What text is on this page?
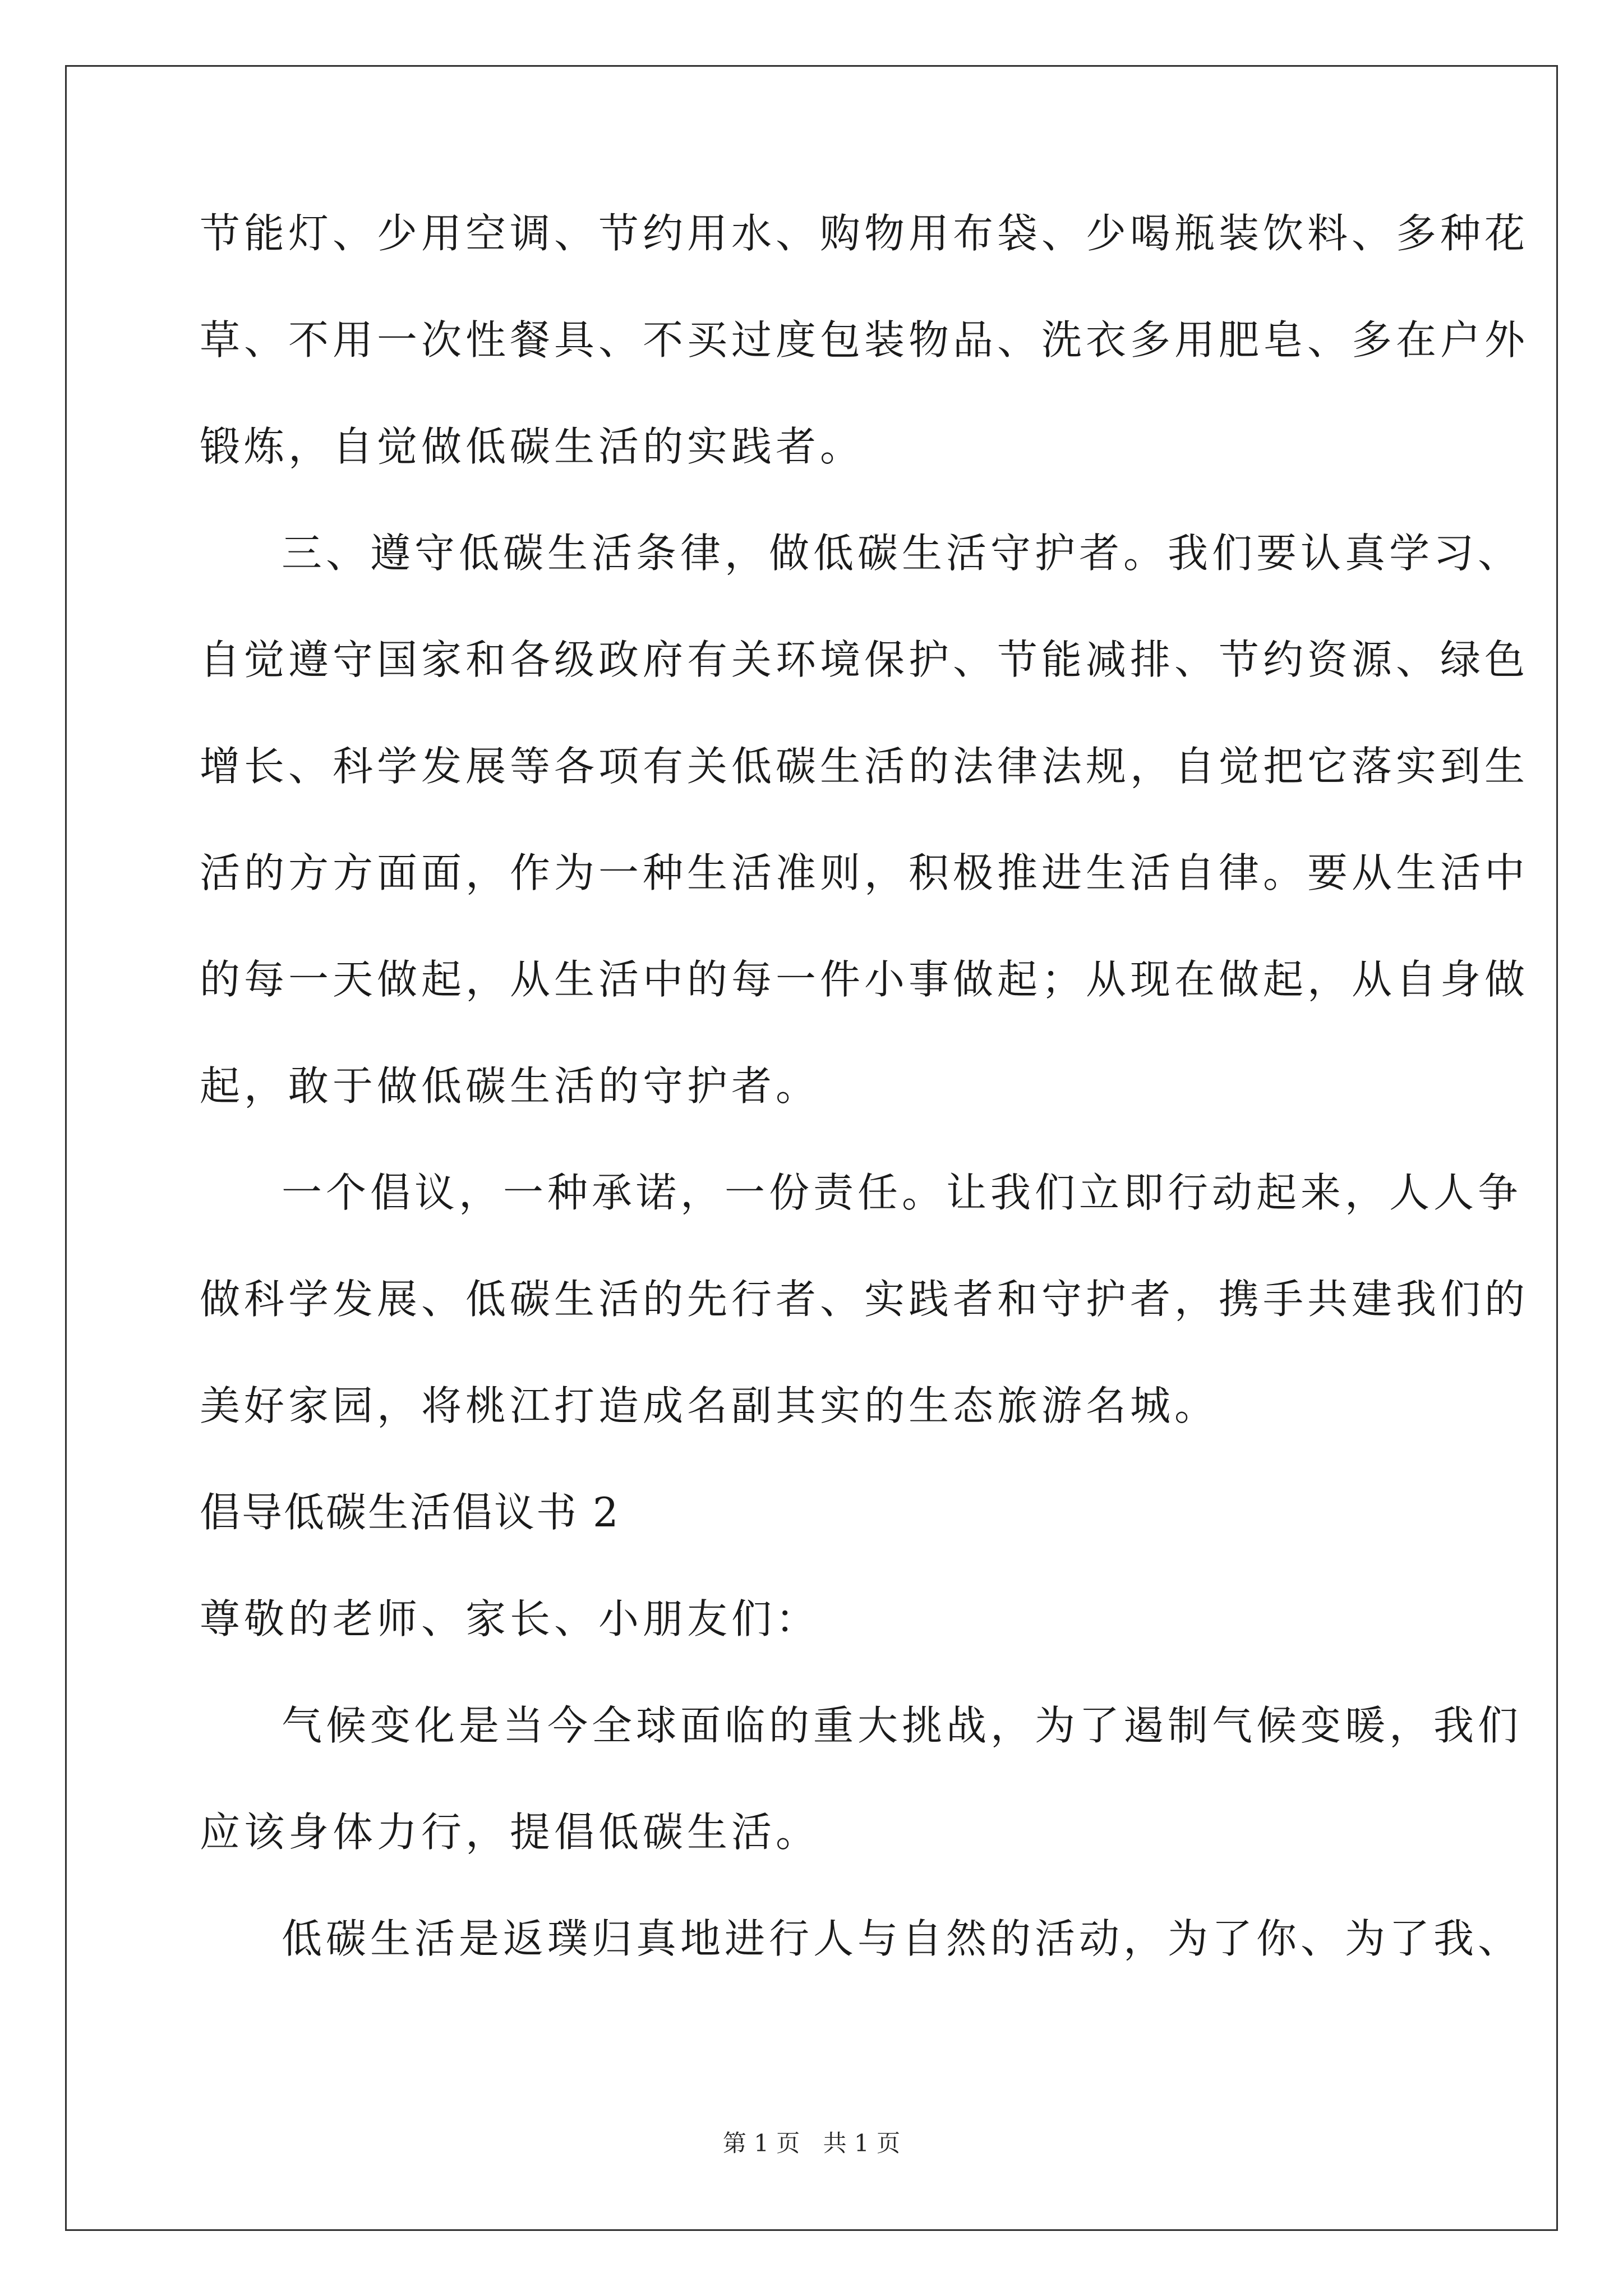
节能灯、少用空调、节约用水、购物用布袋、少喝瓶装饮料、多种花
草、不用一次性餐具、不买过度包装物品、洗衣多用肥皂、多在户外
锻炼，自觉做低碳生活的实践者。
三、遵守低碳生活条律，做低碳生活守护者。我们要认真学习、
自觉遵守国家和各级政府有关环境保护、节能减排、节约资源、绿色
增长、科学发展等各项有关低碳生活的法律法规，自觉把它落实到生
活的方方面面，作为一种生活准则，积极推进生活自律。要从生活中
的每一天做起，从生活中的每一件小事做起；从现在做起，从自身做
起，敢于做低碳生活的守护者。
一个倡议，一种承诺，一份责任。让我们立即行动起来，人人争
做科学发展、低碳生活的先行者、实践者和守护者，携手共建我们的
美好家园，将桃江打造成名副其实的生态旅游名城。
倡导低碳生活倡议书 2
尊敬的老师、家长、小朋友们：
气候变化是当今全球面临的重大挑战，为了遏制气候变暖，我们
应该身体力行，提倡低碳生活。
低碳生活是返璞归真地进行人与自然的活动，为了你、为了我、
第 1 页 共 1 页
